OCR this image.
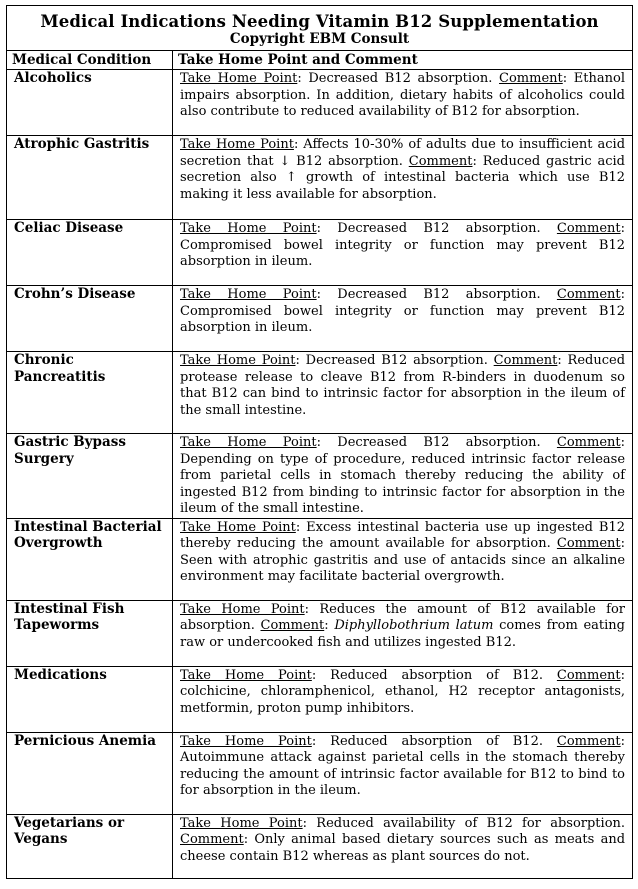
Medical Indications Needing Vitamin B12 Supplementation
Copyright EBM Consult	

Medical Condition	Take Home Point and Comment
Alcoholics	Take Home Point: Decreased B12 absorption. Comment: Ethanol impairs absorption. In addition, dietary habits of alcoholics could also contribute to reduced availability of B12 for absorption.
Atrophic Gastritis	Take Home Point: Affects 10-30% of adults due to insufficient acid secretion that ↓ B12 absorption. Comment: Reduced gastric acid secretion also ↑ growth of intestinal bacteria which use B12 making it less available for absorption.
Celiac Disease	Take Home Point: Decreased B12 absorption. Comment: Compromised bowel integrity or function may prevent B12 absorption in ileum.
Crohn’s Disease	Take Home Point: Decreased B12 absorption. Comment: Compromised bowel integrity or function may prevent B12 absorption in ileum.
Chronic Pancreatitis	Take Home Point: Decreased B12 absorption. Comment: Reduced protease release to cleave B12 from R-binders in duodenum so that B12 can bind to intrinsic factor for absorption in the ileum of the small intestine.
Gastric Bypass Surgery	Take Home Point: Decreased B12 absorption. Comment: Depending on type of procedure, reduced intrinsic factor release from parietal cells in stomach thereby reducing the ability of ingested B12 from binding to intrinsic factor for absorption in the ileum of the small intestine.
Intestinal Bacterial Overgrowth	Take Home Point: Excess intestinal bacteria use up ingested B12 thereby reducing the amount available for absorption. Comment: Seen with atrophic gastritis and use of antacids since an alkaline environment may facilitate bacterial overgrowth.
Intestinal Fish Tapeworms	Take Home Point: Reduces the amount of B12 available for absorption. Comment: Diphyllobothrium latum comes from eating raw or undercooked fish and utilizes ingested B12.
Medications	Take Home Point: Reduced absorption of B12. Comment: colchicine, chloramphenicol, ethanol, H2 receptor antagonists, metformin, proton pump inhibitors.
Pernicious Anemia	Take Home Point: Reduced absorption of B12. Comment: Autoimmune attack against parietal cells in the stomach thereby reducing the amount of intrinsic factor available for B12 to bind to for absorption in the ileum.
Vegetarians or Vegans	Take Home Point: Reduced availability of B12 for absorption. Comment: Only animal based dietary sources such as meats and cheese contain B12 whereas as plant sources do not.
